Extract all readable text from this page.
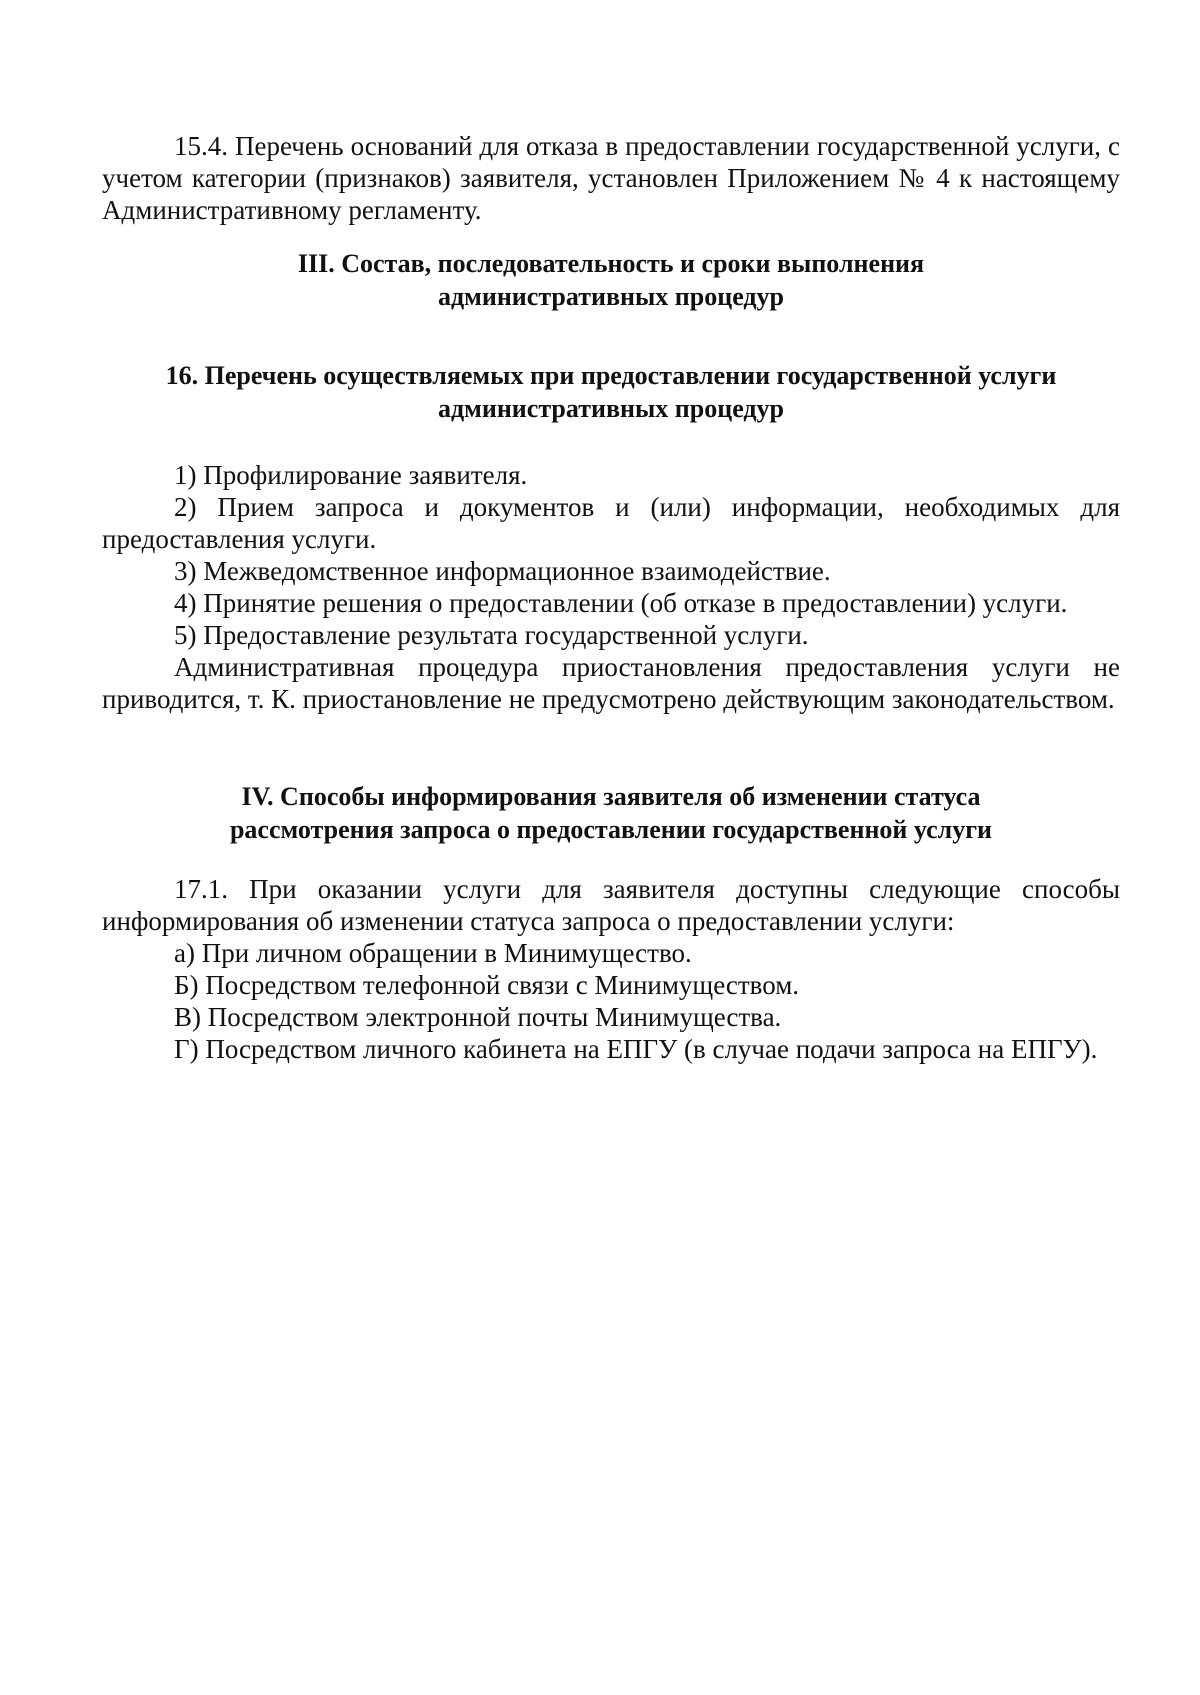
15.4. Перечень оснований для отказа в предоставлении государственной услуги, с учетом категории (признаков) заявителя, установлен Приложением № 4 к настоящему Административному регламенту.

III. Состав, последовательность и сроки выполнения
административных процедур
16. Перечень осуществляемых при предоставлении государственной услуги
административных процедур

1) Профилирование заявителя.

2) Прием запроса и документов и (или) информации, необходимых для предоставления услуги.

3) Межведомственное информационное взаимодействие.

4) Принятие решения о предоставлении (об отказе в предоставлении) услуги.

5) Предоставление результата государственной услуги.

Административная процедура приостановления предоставления услуги не приводится, т. К. приостановление не предусмотрено действующим законодательством.

IV. Способы информирования заявителя об изменении статуса
рассмотрения запроса о предоставлении государственной услуги

17.1. При оказании услуги для заявителя доступны следующие способы информирования об изменении статуса запроса о предоставлении услуги:

а) При личном обращении в Минимущество.

Б) Посредством телефонной связи с Минимуществом.

В) Посредством электронной почты Минимущества.

Г) Посредством личного кабинета на ЕПГУ (в случае подачи запроса на ЕПГУ).
